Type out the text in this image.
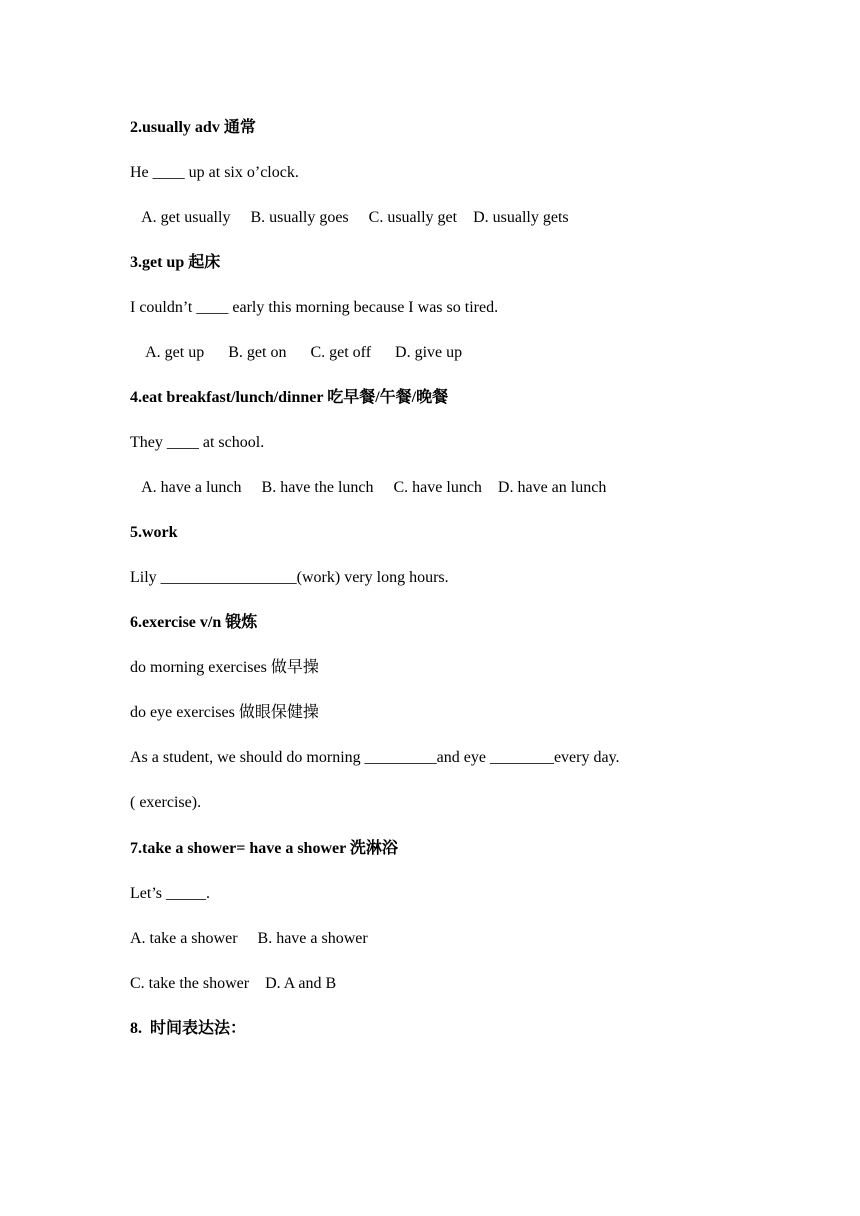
2.usually adv 通常
He ____ up at six o’clock.
A. get usually     B. usually goes     C. usually get    D. usually gets
3.get up 起床
I couldn’t ____ early this morning because I was so tired.
A. get up      B. get on      C. get off      D. give up
4.eat breakfast/lunch/dinner 吃早餐/午餐/晚餐
They ____ at school.
A. have a lunch     B. have the lunch     C. have lunch    D. have an lunch
5.work
Lily _________________(work) very long hours.
6.exercise v/n 锻炼
do morning exercises 做早操
do eye exercises 做眼保健操
As a student, we should do morning _________and eye ________every day.
( exercise).
7.take a shower= have a shower 洗淋浴
Let’s _____.
A. take a shower     B. have a shower
C. take the shower    D. A and B
8.  时间表达法：
